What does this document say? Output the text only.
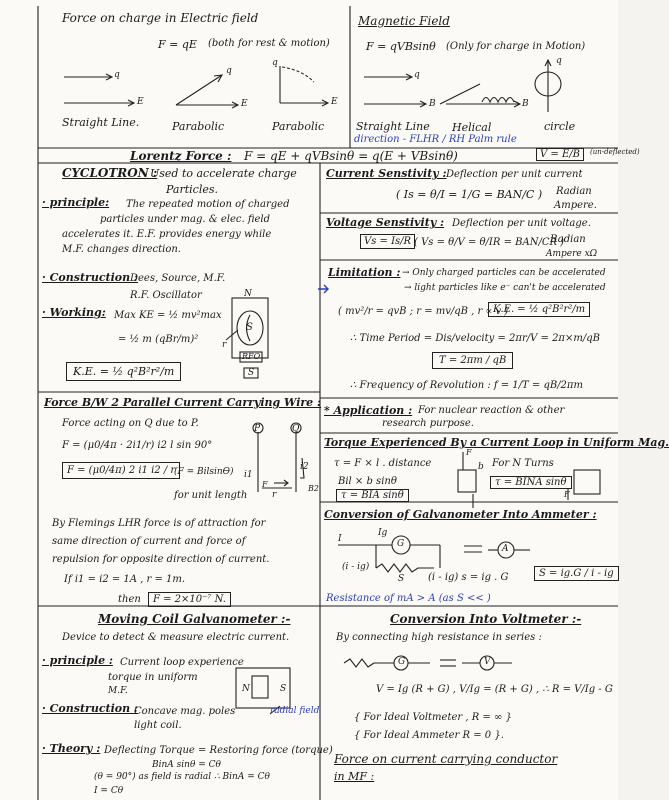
Force on charge in Electric field
F = qE (both for rest & motion)
q
E
q
E
q
E
Straight Line.	Parabolic	Parabolic
Magnetic Field
F = qVBsinθ (Only for charge in Motion)
q
B	B
q
Straight Line Helical	circle
direction - FLHR / RH Palm rule
Lorentz Force : F = qE + qVBsinθ = q(E + VBsinθ)	V = E/B	(un-deflected)
CYCLOTRON :
Used to accelerate charge
Particles.
· principle: The repeated motion of charged
particles under mag. & elec. field
accelerates it. E.F. provides energy while
M.F. changes direction.
· Construction :
Dees, Source, M.F.
R.F. Oscillator
· Working: Max KE = ½ mv²max
= ½ m (qBr/m)²
K.E. = ½ q²B²r²/m
N
S
RFO
S
r
Current Senstivity : Deflection per unit current
( Is = θ/I = 1/G = BAN/C ) Radian
Ampere.
Voltage Senstivity : Deflection per unit voltage.
Vs = Is/R ( Vs = θ/V = θ/IR = BAN/CR )
Radian
Ampere xΩ
Limitation : → Only charged particles can be accelerated
→ light particles like e⁻ can't be accelerated
( mv²/r = qvB ; r = mv/qB , r ∝ v )
K.E. = ½ q²B²r²/m
∴ Time Period = Dis/velocity = 2πr/V = 2π×m/qB
T = 2πm / qB
∴ Frequency of Revolution : f = 1/T = qB/2πm
* Application : For nuclear reaction & other
research purpose.
Force B/W 2 Parallel Current Carrying Wire :
Force acting on Q due to P.
F = (μ0/4π · 2i1/r) i2 l sin 90°
F = (μ0/4π) 2 i1 i2 / r
(F = BilsinӨ)
for unit length
P	Q
i1
i2
B2
r
F
By Flemings LHR force is of attraction for
same direction of current and force of
repulsion for opposite direction of current.
If i1 = i2 = 1A , r = 1m.
then	F = 2×10⁻⁷ N.
Torque Experienced By a Current Loop in Uniform Mag.
τ = F × l . distance
Bil × b sinθ
τ = BIA sinθ
For N Turns
τ = BINA sinθ
b
F
F
Conversion of Galvanometer Into Ammeter :
Ig
G
I
(i - ig)
S
A
(i - ig) s = ig . G	S = ig.G / i - ig
Resistance of mA > A (as S << )
Moving Coil Galvanometer :-
Device to detect & measure electric current.
· principle : Current loop experience
torque in uniform
M.F.
· Construction :
Concave mag. poles
light coil.
radial field
N	S
· Theory : Deflecting Torque = Restoring force (torque)
BinA sinθ = Cθ
(θ = 90°) as field is radial ∴ BinA = Cθ
I = Cθ
Conversion Into Voltmeter :-
By connecting high resistance in series :
G	V
V = Ig (R + G) , V/Ig = (R + G) , ∴ R = V/Ig - G
{ For Ideal Voltmeter , R = ∞ }
{ For Ideal Ammeter R = 0 }.
Force on current carrying conductor
in MF :
